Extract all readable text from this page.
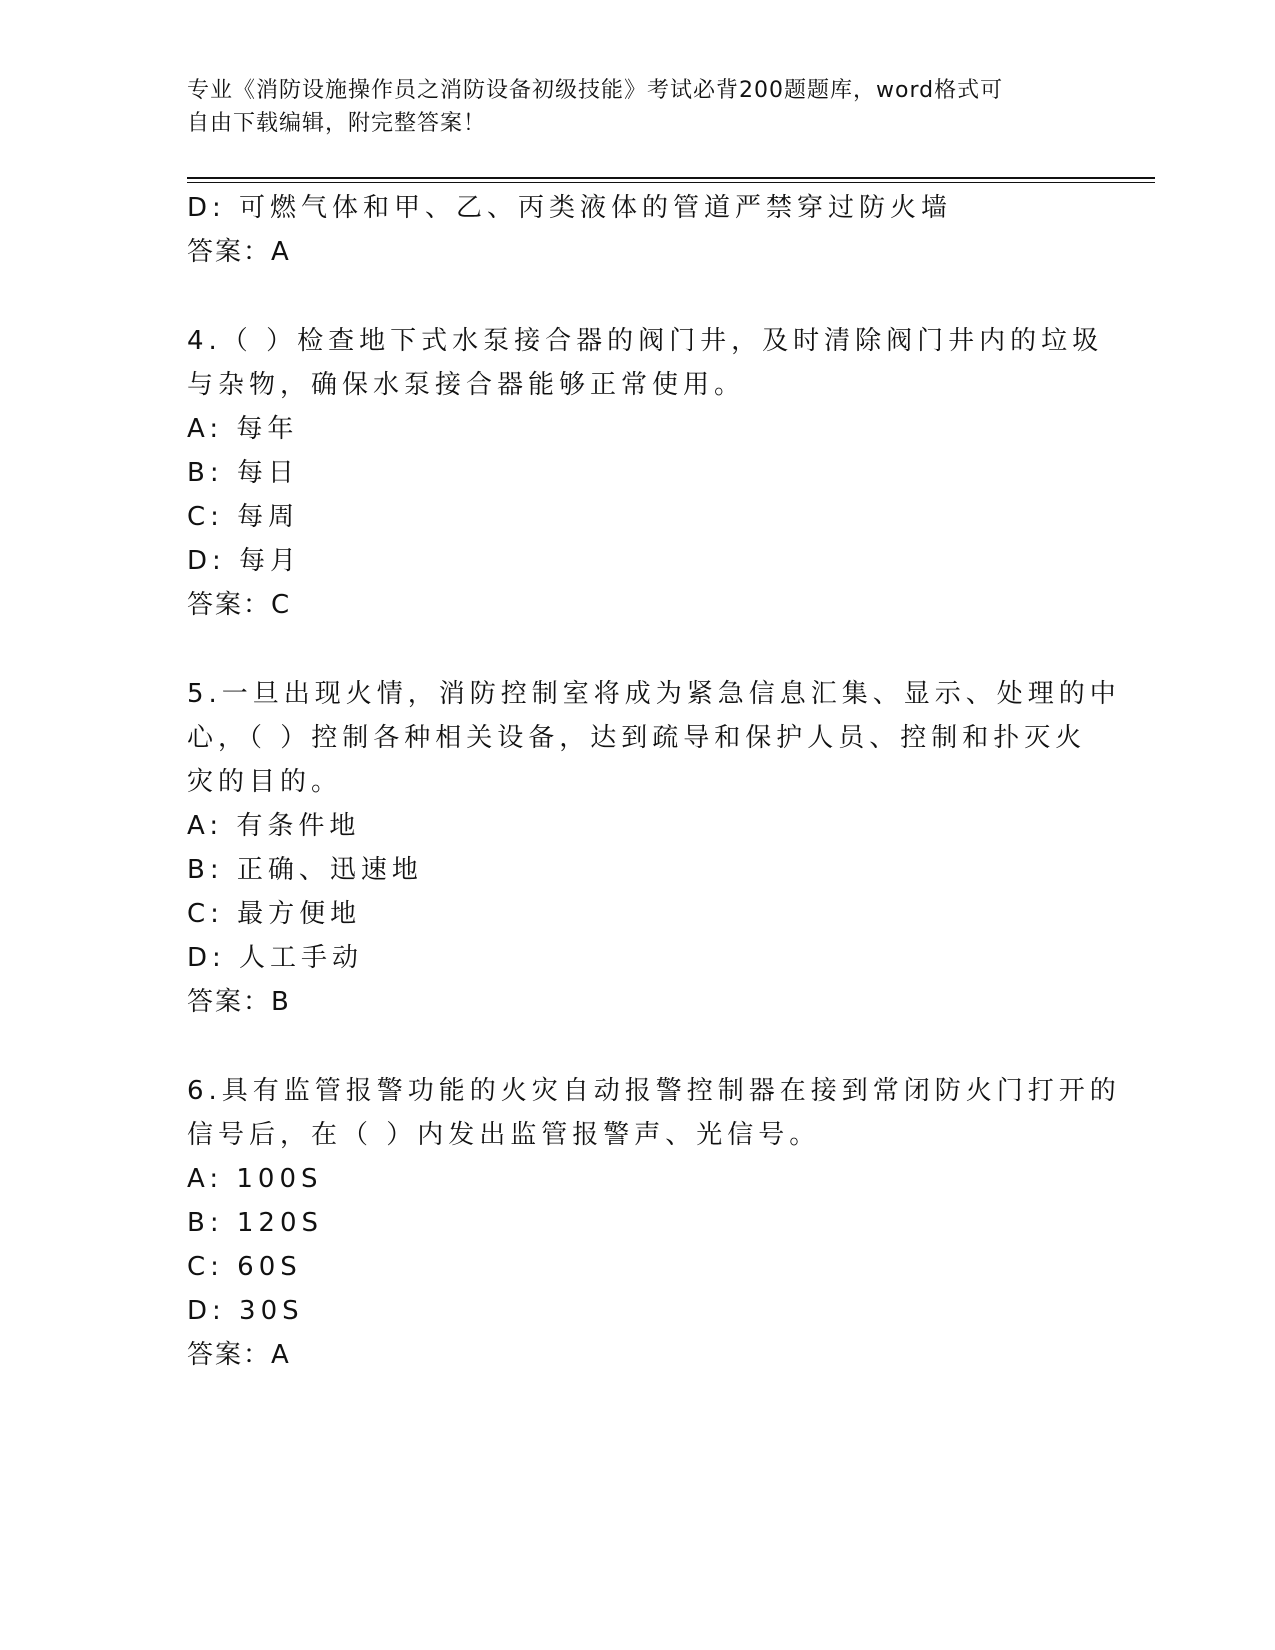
专业《消防设施操作员之消防设备初级技能》考试必背200题题库，word格式可
自由下载编辑，附完整答案！
D: 可燃气体和甲、乙、丙类液体的管道严禁穿过防火墙
答案：A
4.（ ）检查地下式水泵接合器的阀门井，及时清除阀门井内的垃圾
与杂物，确保水泵接合器能够正常使用。
A: 每年
B: 每日
C: 每周
D: 每月
答案：C
5.一旦出现火情，消防控制室将成为紧急信息汇集、显示、处理的中
心，（ ）控制各种相关设备，达到疏导和保护人员、控制和扑灭火
灾的目的。
A: 有条件地
B: 正确、迅速地
C: 最方便地
D: 人工手动
答案：B
6.具有监管报警功能的火灾自动报警控制器在接到常闭防火门打开的
信号后，在（ ）内发出监管报警声、光信号。
A: 100S
B: 120S
C: 60S
D: 30S
答案：A
